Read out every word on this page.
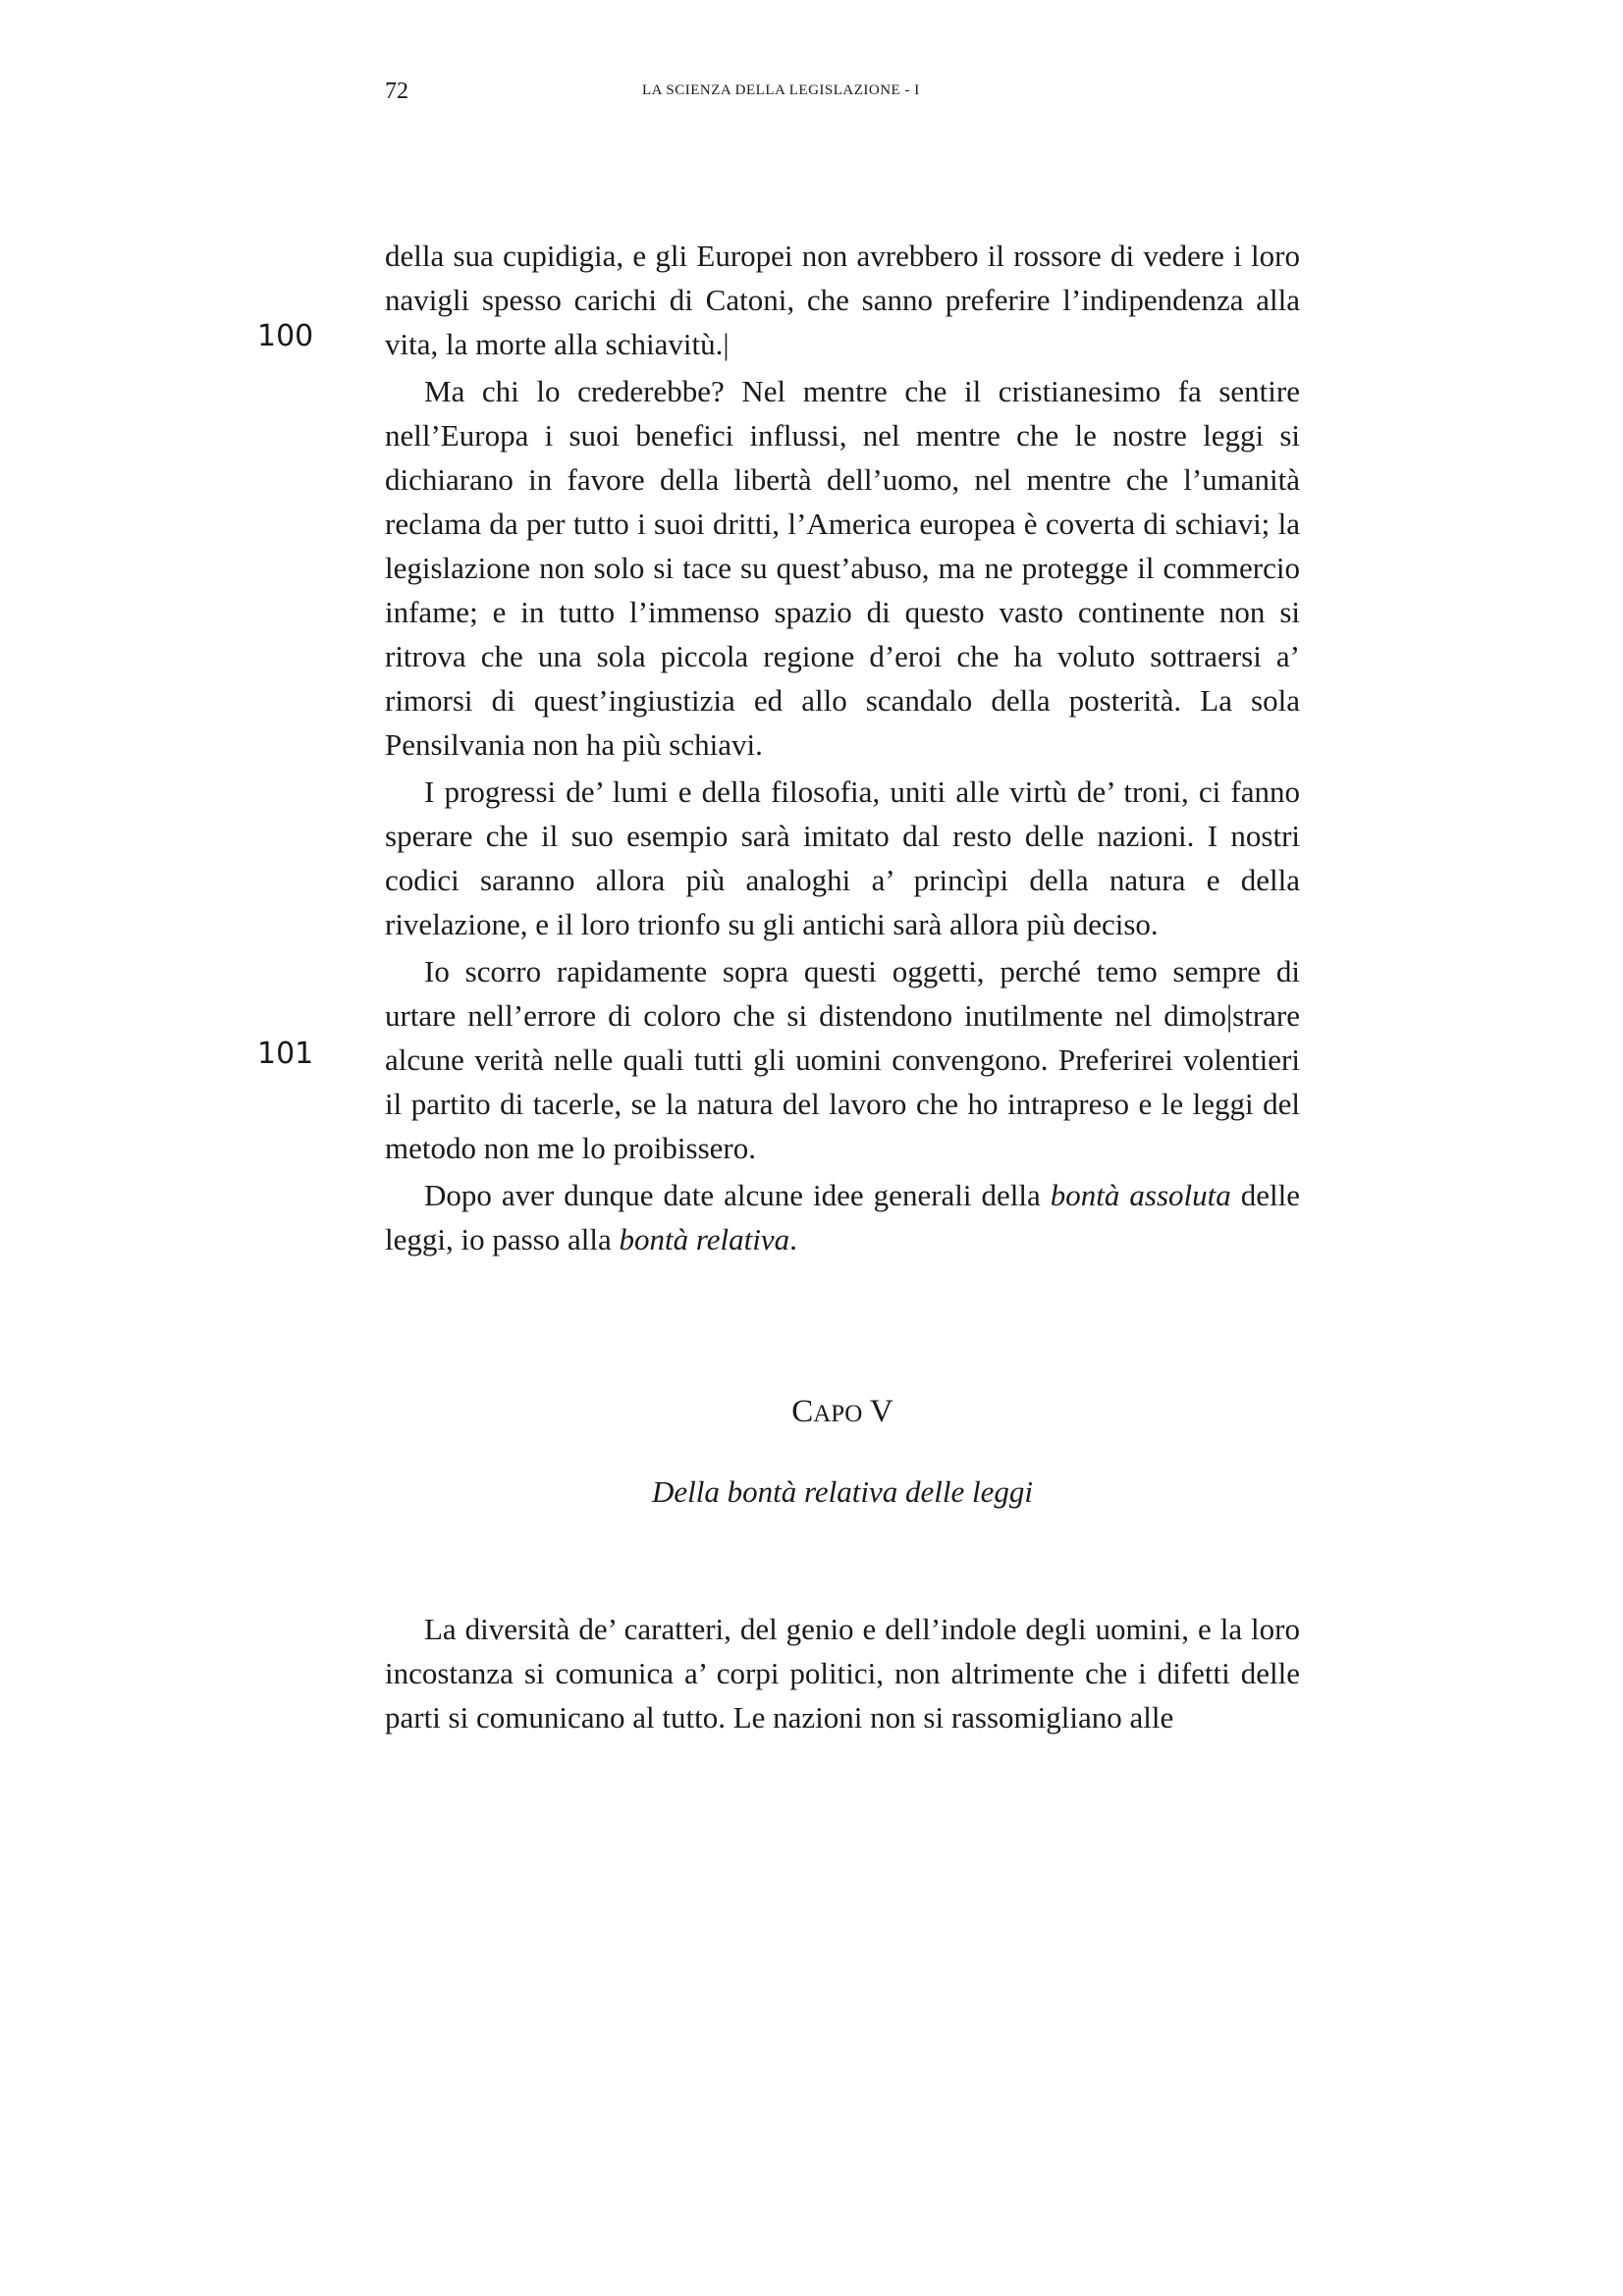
72	LA SCIENZA DELLA LEGISLAZIONE - I
100
101

della sua cupidigia, e gli Europei non avrebbero il rossore di vedere i loro navigli spesso carichi di Catoni, che sanno preferire l’indipendenza alla vita, la morte alla schiavitù.|

Ma chi lo crederebbe? Nel mentre che il cristianesimo fa sentire nell’Europa i suoi benefici influssi, nel mentre che le nostre leggi si dichiarano in favore della libertà dell’uomo, nel mentre che l’umanità reclama da per tutto i suoi dritti, l’America europea è coverta di schiavi; la legislazione non solo si tace su quest’abuso, ma ne protegge il commercio infame; e in tutto l’immenso spazio di questo vasto continente non si ritrova che una sola piccola regione d’eroi che ha voluto sottraersi a’ rimorsi di quest’ingiustizia ed allo scandalo della posterità. La sola Pensilvania non ha più schiavi.

I progressi de’ lumi e della filosofia, uniti alle virtù de’ troni, ci fanno sperare che il suo esempio sarà imitato dal resto delle nazioni. I nostri codici saranno allora più analoghi a’ princìpi della natura e della rivelazione, e il loro trionfo su gli antichi sarà allora più deciso.

Io scorro rapidamente sopra questi oggetti, perché temo sempre di urtare nell’errore di coloro che si distendono inutilmente nel dimo|strare alcune verità nelle quali tutti gli uomini convengono. Preferirei volentieri il partito di tacerle, se la natura del lavoro che ho intrapreso e le leggi del metodo non me lo proibissero.

Dopo aver dunque date alcune idee generali della bontà assoluta delle leggi, io passo alla bontà relativa.

CAPO V
Della bontà relativa delle leggi

La diversità de’ caratteri, del genio e dell’indole degli uomini, e la loro incostanza si comunica a’ corpi politici, non altrimente che i difetti delle parti si comunicano al tutto. Le nazioni non si rassomigliano alle
